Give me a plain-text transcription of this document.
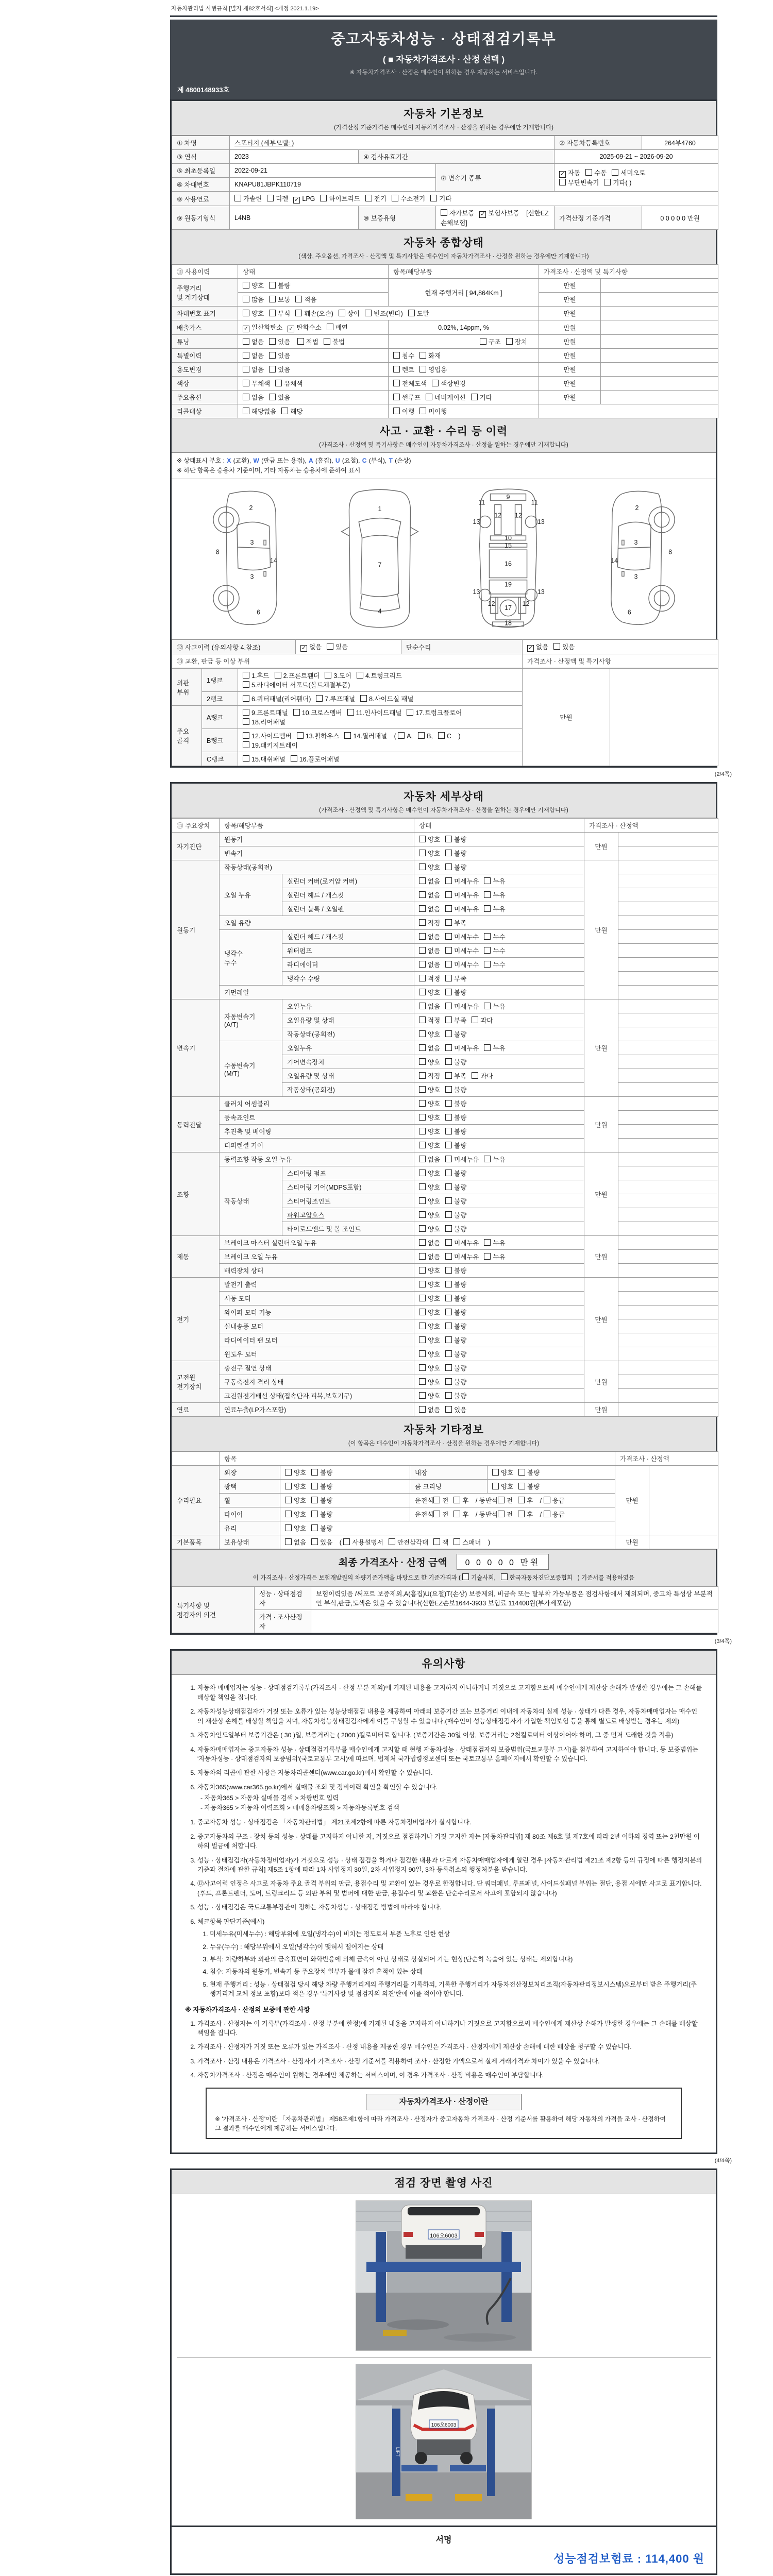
자동차관리법 시행규칙 [별지 제82호서식] <개정 2021.1.19>
중고자동차성능 · 상태점검기록부
( ■ 자동차가격조사 · 산정 선택 )
※ 자동차가격조사 · 산정은 매수인이 원하는 경우 제공하는 서비스입니다.
제 4800148933호
자동차 기본정보
(가격산정 기준가격은 매수인이 자동차가격조사 · 산정을 원하는 경우에만 기재합니다)
① 차명	스포티지 (세부모델: )			② 자동차등록번호	264부4760
③ 연식	2023	④ 검사유효기간		2025-09-21 ~ 2026-09-20	
⑤ 최초등록일	2022-09-21		⑦ 변속기 종류	✓ 자동 수동 세미오토
무단변속기 기타( )	
⑥ 차대번호	KNAPU81JBPK110719				
⑧ 사용연료	가솔린 디젤 ✓ LPG 하이브리드 전기 수소전기 기타				
⑨ 원동기형식	L4NB	⑩ 보증유형	자가보증 ✓ 보험사보증 [신한EZ손해보험]	가격산정 기준가격	0 0 0 0 0 만원
자동차 종합상태
(색상, 주요옵션, 가격조사 · 산정액 및 특기사항은 매수인이 자동차가격조사 · 산정을 원하는 경우에만 기재합니다)
⑪ 사용이력	상태	항목/해당부품	가격조사 · 산정액 및 특기사항	
주행거리
및 계기상태	양호 불량	현재 주행거리 [ 94,864Km ]	만원	
	많음 보통 적음		만원	
차대번호 표기	양호 부식 훼손(오손) 상이 변조(변타) 도말		만원	
배출가스	✓ 일산화탄소 ✓ 탄화수소 매연	0.02%, 14ppm, %	만원	
튜닝	없음 있음 적법 불법	구조 장치	만원	
특별이력	없음 있음	침수 화재	만원	
용도변경	없음 있음	렌트 영업용	만원	
색상	무채색 유채색	전체도색 색상변경	만원	
주요옵션	없음 있음	썬루프 네비게이션 기타	만원	
리콜대상	해당없음 해당	이행 미이행		
사고 · 교환 · 수리 등 이력
(가격조사 · 산정액 및 특기사항은 매수인이 자동차가격조사 · 산정을 원하는 경우에만 기재합니다)
※ 상태표시 부호 : X (교환), W (판금 또는 용접), A (흠집), U (요철), C (부식), T (손상)
※ 하단 항목은 승용차 기준이며, 기타 자동차는 승용차에 준하여 표시
2
8
3
14
3
6
1
7
4
9
11	11
12 12
13	13
10
15
16
19
13	13
12	12
17
18
2
3
8
14
3
6
⑫ 사고이력 (유의사항 4.참조)	✓ 없음 있음	단순수리	✓ 없음 있음
⑬ 교환, 판금 등 이상 부위			가격조사 · 산정액 및 특기사항
외판
부위	1랭크	1.후드 2.프론트휀더 3.도어 4.트렁크리드
5.라디에이터 서포트(볼트체결부품)	만원	
	2랭크	6.쿼터패널(리어휀더) 7.루프패널 8.사이드실 패널		
주요
골격	A랭크	9.프론트패널 10.크로스멤버 11.인사이드패널 17.트렁크플로어
18.리어패널		
	B랭크	12.사이드멤버 13.휠하우스 14.필러패널 ( A, B, C )
19.패키지트레이		
	C랭크	15.대쉬패널 16.플로어패널		
(2/4쪽)
자동차 세부상태
(가격조사 · 산정액 및 특기사항은 매수인이 자동차가격조사 · 산정을 원하는 경우에만 기재합니다)
⑭ 주요장치	항목/해당부품		상태	가격조사 · 산정액	
자기진단	원동기		양호 불량	만원	
	변속기		양호 불량		
원동기	작동상태(공회전)		양호 불량	만원	
	오일 누유	실린더 커버(로커암 커버)	없음 미세누유 누유		
		실린더 헤드 / 개스킷	없음 미세누유 누유		
		실린더 블록 / 오일팬	없음 미세누유 누유		
	오일 유량		적정 부족		
	냉각수
누수	실린더 헤드 / 개스킷	없음 미세누수 누수		
		워터펌프	없음 미세누수 누수		
		라디에이터	없음 미세누수 누수		
		냉각수 수량	적정 부족		
	커먼레일		양호 불량		
변속기	자동변속기
(A/T)	오일누유	없음 미세누유 누유	만원	
		오일유량 및 상태	적정 부족 과다		
		작동상태(공회전)	양호 불량		
	수동변속기
(M/T)	오일누유	없음 미세누유 누유		
		기어변속장치	양호 불량		
		오일유량 및 상태	적정 부족 과다		
		작동상태(공회전)	양호 불량		
동력전달	클러치 어셈블리		양호 불량	만원	
	등속죠인트		양호 불량		
	추진축 및 베어링		양호 불량		
	디퍼렌셜 기어		양호 불량		
조향	동력조향 작동 오일 누유		없음 미세누유 누유	만원	
	작동상태	스티어링 펌프	양호 불량		
		스티어링 기어(MDPS포함)	양호 불량		
		스티어링조인트	양호 불량		
		파워고압호스	양호 불량		
		타이로드엔드 및 볼 조인트	양호 불량		
제동	브레이크 마스터 실린더오일 누유		없음 미세누유 누유	만원	
	브레이크 오일 누유		없음 미세누유 누유		
	배력장치 상태		양호 불량		
전기	발전기 출력		양호 불량	만원	
	시동 모터		양호 불량		
	와이퍼 모터 기능		양호 불량		
	실내송풍 모터		양호 불량		
	라디에이터 팬 모터		양호 불량		
	윈도우 모터		양호 불량		
고전원
전기장치	충전구 절연 상태		양호 불량	만원	
	구동축전지 격리 상태		양호 불량		
	고전원전기배선 상태(접속단자,피복,보호기구)		양호 불량		
연료	연료누출(LP가스포함)		없음 있음	만원	
자동차 기타정보
(이 항목은 매수인이 자동차가격조사 · 산정을 원하는 경우에만 기재합니다)
	항목				가격조사 · 산정액	
수리필요	외장	양호 불량	내장	양호 불량	만원	
	광택	양호 불량	룸 크리닝	양호 불량		
	휠	양호 불량	운전석 전 후 / 동반석 전 후 / 응급			
	타이어	양호 불량	운전석 전 후 / 동반석 전 후 / 응급			
	유리	양호 불량				
기본품목	보유상태	없음 있음 ( 사용설명서 안전삼각대 잭 스패너 )			만원	
최종 가격조사 · 산정 금액	0 0 0 0 0 만원
이 가격조사 · 산정가격은 보험개발원의 차량기준가액을 바탕으로 한 기준가격과 ( 기술사회, 한국자동차진단보증협회 ) 기준서를 적용하였음
특기사항 및
점검자의 의견	성능 · 상태점검자	보험이력있음 /써포트 보증제외,A(흠집)U(요철)T(손상) 보증제외, 비금속 또는 탈부착 가능부품은 점검사항에서 제외되며, 중고차 특성상 부분적인 부식,판금,도색은 있을 수 있습니다(신한EZ손보1644-3933 보험료 114400원(부가세포함)
	가격 · 조사산정자	
(3/4쪽)
유의사항
1. 자동차 매매업자는 성능 · 상태점검기록부(가격조사 · 산정 부분 제외)에 기재된 내용을 고지하지 아니하거나 거짓으로 고지함으로써 매수인에게 재산상 손해가 발생한 경우에는 그 손해를 배상할 책임을 집니다.
2. 자동차성능상태점검자가 거짓 또는 오류가 있는 성능상태점검 내용을 제공하여 아래의 보증기간 또는 보증거리 이내에 자동차의 실제 성능 · 상태가 다른 경우, 자동차매매업자는 매수인의 재산상 손해를 배상할 책임을 지며, 자동차성능상태점검자에게 이를 구상할 수 있습니다.(매수인이 성능상태점검자가 가입한 책임보험 등을 통해 별도로 배상받는 경우는 제외)
3. 자동차인도일부터 보증기간은 ( 30 )일, 보증거리는 ( 2000 )킬로미터로 합니다. (보증기간은 30일 이상, 보증거리는 2천킬로미터 이상이어야 하며, 그 중 먼저 도래한 것을 적용)
4. 자동차매매업자는 중고자동차 성능 · 상태점검기록부를 매수인에게 고지할 때 현행 자동차성능 · 상태점검자의 보증범위(국토교통부 고시)를 첨부하여 고지하여야 합니다. 동 보증범위는 '자동차성능 · 상태점검자의 보증범위'(국토교통부 고시)에 따르며, 법제처 국가법령정보센터 또는 국토교통부 홈페이지에서 확인할 수 있습니다.
5. 자동차의 리콜에 관한 사항은 자동차리콜센터(www.car.go.kr)에서 확인할 수 있습니다.
6. 자동차365(www.car365.go.kr)에서 실매물 조회 및 정비이력 확인을 확인할 수 있습니다.
- 자동차365 > 자동차 실매물 검색 > 차량번호 입력
- 자동차365 > 자동차 이력조회 > 매매용차량조회 > 자동차등록번호 검색
1. 중고자동차 성능 · 상태점검은 「자동차관리법」 제21조제2항에 따른 자동차정비업자가 실시합니다.
2. 중고자동차의 구조 · 장치 등의 성능 · 상태를 고지하지 아니한 자, 거짓으로 점검하거나 거짓 고지한 자는 [자동차관리법] 제 80조 제6호 및 제7호에 따라 2년 이하의 징역 또는 2천만원 이하의 벌금에 처합니다.
3. 성능 · 상태점검자(자동차정비업자)가 거짓으로 성능 · 상태 점검을 하거나 점검한 내용과 다르게 자동차매매업자에게 알린 경우 [자동차관리법 제21조 제2항 등의 규정에 따른 행정처분의 기준과 절차에 관한 규칙] 제5조 1항에 따라 1차 사업정지 30일, 2차 사업정지 90일, 3차 등록취소의 행정처분을 받습니다.
4. ⑫사고이력 인정은 사고로 자동차 주요 골격 부위의 판금, 용접수리 및 교환이 있는 경우로 한정합니다. 단 쿼터패널, 루프패널, 사이드실패널 부위는 절단, 용접 시에만 사고로 표기합니다. (후드, 프론트펜더, 도어, 트렁크리드 등 외판 부위 및 범퍼에 대한 판금, 용접수리 및 교환은 단순수리로서 사고에 포함되지 않습니다)
5. 성능 · 상태점검은 국토교통부장관이 정하는 자동차성능 · 상태점검 방법에 따라야 합니다.
6. 체크항목 판단기준(예시)
1. 미세누유(미세누수) : 해당부위에 오일(냉각수)이 비치는 정도로서 부품 노후로 인한 현상
2. 누유(누수) : 해당부위에서 오일(냉각수)이 맺혀서 떨어지는 상태
3. 부식: 차량하부와 외판의 금속표면이 화학반응에 의해 금속이 아닌 상태로 상실되어 가는 현상(단순히 녹슬어 있는 상태는 제외합니다)
4. 침수: 자동차의 원동기, 변속기 등 주요장치 일부가 물에 잠긴 흔적이 있는 상태
5. 현재 주행거리 : 성능 · 상태점검 당시 해당 차량 주행거리계의 주행거리를 기록하되, 기록한 주행거리가 자동차전산정보처리조직(자동차관리정보시스템)으로부터 받은 주행거리(주행거리계 교체 정보 포함)보다 적은 경우 '특기사항 및 점검자의 의견'란에 이를 적어야 합니다.
※ 자동차가격조사 · 산정의 보증에 관한 사항
1. 가격조사 · 산정자는 이 기록부(가격조사 · 산정 부분에 한정)에 기재된 내용을 고지하지 아니하거나 거짓으로 고지함으로써 매수인에게 재산상 손해가 발생한 경우에는 그 손해를 배상할 책임을 집니다.
2. 가격조사 · 산정자가 거짓 또는 오류가 있는 가격조사 · 산정 내용을 제공한 경우 매수인은 가격조사 · 산정자에게 재산상 손해에 대한 배상을 청구할 수 있습니다.
3. 가격조사 · 산정 내용은 가격조사 · 산정자가 가격조사 · 산정 기준서를 적용하여 조사 · 산정한 가액으로서 실제 거래가격과 차이가 있을 수 있습니다.
4. 자동차가격조사 · 산정은 매수인이 원하는 경우에만 제공하는 서비스이며, 이 경우 가격조사 · 산정 비용은 매수인이 부담합니다.
자동차가격조사 · 산정이란
※ '가격조사 · 산정'이란 「자동차관리법」 제58조제1항에 따라 가격조사 · 산정자가 중고자동차 가격조사 · 산정 기준서를 활용하여 해당 자동차의 가격을 조사 · 산정하여 그 결과를 매수인에게 제공하는 서비스입니다.
(4/4쪽)
점검 장면 촬영 사진
106오6003
LIFT
106오6003
서명
성능점검보험료 : 114,400 원
